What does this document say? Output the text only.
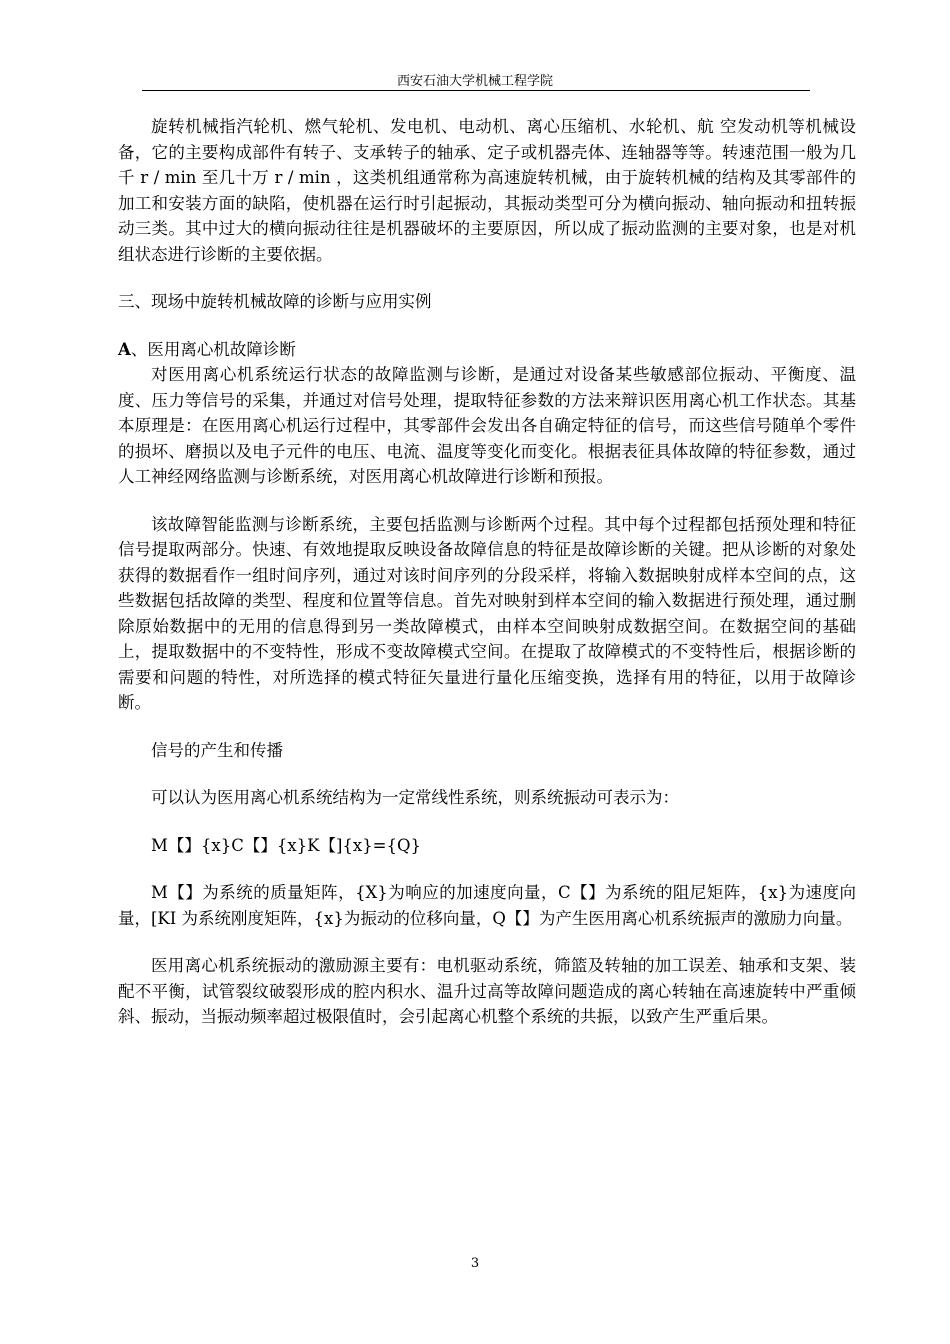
西安石油大学机械工程学院

旋转机械指汽轮机、燃气轮机、发电机、电动机、离心压缩机、水轮机、航 空发动机等机械设备，它的主要构成部件有转子、支承转子的轴承、定子或机器壳体、连轴器等等。转速范围一般为几千 r / min 至几十万 r / min ，这类机组通常称为高速旋转机械，由于旋转机械的结构及其零部件的加工和安装方面的缺陷，使机器在运行时引起振动，其振动类型可分为横向振动、轴向振动和扭转振动三类。其中过大的横向振动往往是机器破坏的主要原因，所以成了振动监测的主要对象，也是对机组状态进行诊断的主要依据。

三、现场中旋转机械故障的诊断与应用实例

A、医用离心机故障诊断

对医用离心机系统运行状态的故障监测与诊断，是通过对设备某些敏感部位振动、平衡度、温度、压力等信号的采集，并通过对信号处理，提取特征参数的方法来辩识医用离心机工作状态。其基本原理是：在医用离心机运行过程中，其零部件会发出各自确定特征的信号，而这些信号随单个零件的损坏、磨损以及电子元件的电压、电流、温度等变化而变化。根据表征具体故障的特征参数，通过人工神经网络监测与诊断系统，对医用离心机故障进行诊断和预报。

该故障智能监测与诊断系统，主要包括监测与诊断两个过程。其中每个过程都包括预处理和特征信号提取两部分。快速、有效地提取反映设备故障信息的特征是故障诊断的关键。把从诊断的对象处获得的数据看作一组时间序列，通过对该时间序列的分段采样，将输入数据映射成样本空间的点，这些数据包括故障的类型、程度和位置等信息。首先对映射到样本空间的输入数据进行预处理，通过删除原始数据中的无用的信息得到另一类故障模式，由样本空间映射成数据空间。在数据空间的基础上，提取数据中的不变特性，形成不变故障模式空间。在提取了故障模式的不变特性后，根据诊断的需要和问题的特性，对所选择的模式特征矢量进行量化压缩变换，选择有用的特征，以用于故障诊断。

信号的产生和传播

可以认为医用离心机系统结构为一定常线性系统，则系统振动可表示为：

M【】{x}C【】{x}K【]{x}={Q}

M【】为系统的质量矩阵，{X}为响应的加速度向量，C【】为系统的阻尼矩阵，{x}为速度向量，[KI 为系统刚度矩阵，{x}为振动的位移向量，Q【】为产生医用离心机系统振声的激励力向量。

医用离心机系统振动的激励源主要有：电机驱动系统，筛篮及转轴的加工误差、轴承和支架、装配不平衡，试管裂纹破裂形成的腔内积水、温升过高等故障问题造成的离心转轴在高速旋转中严重倾斜、振动，当振动频率超过极限值时，会引起离心机整个系统的共振，以致产生严重后果。

3
